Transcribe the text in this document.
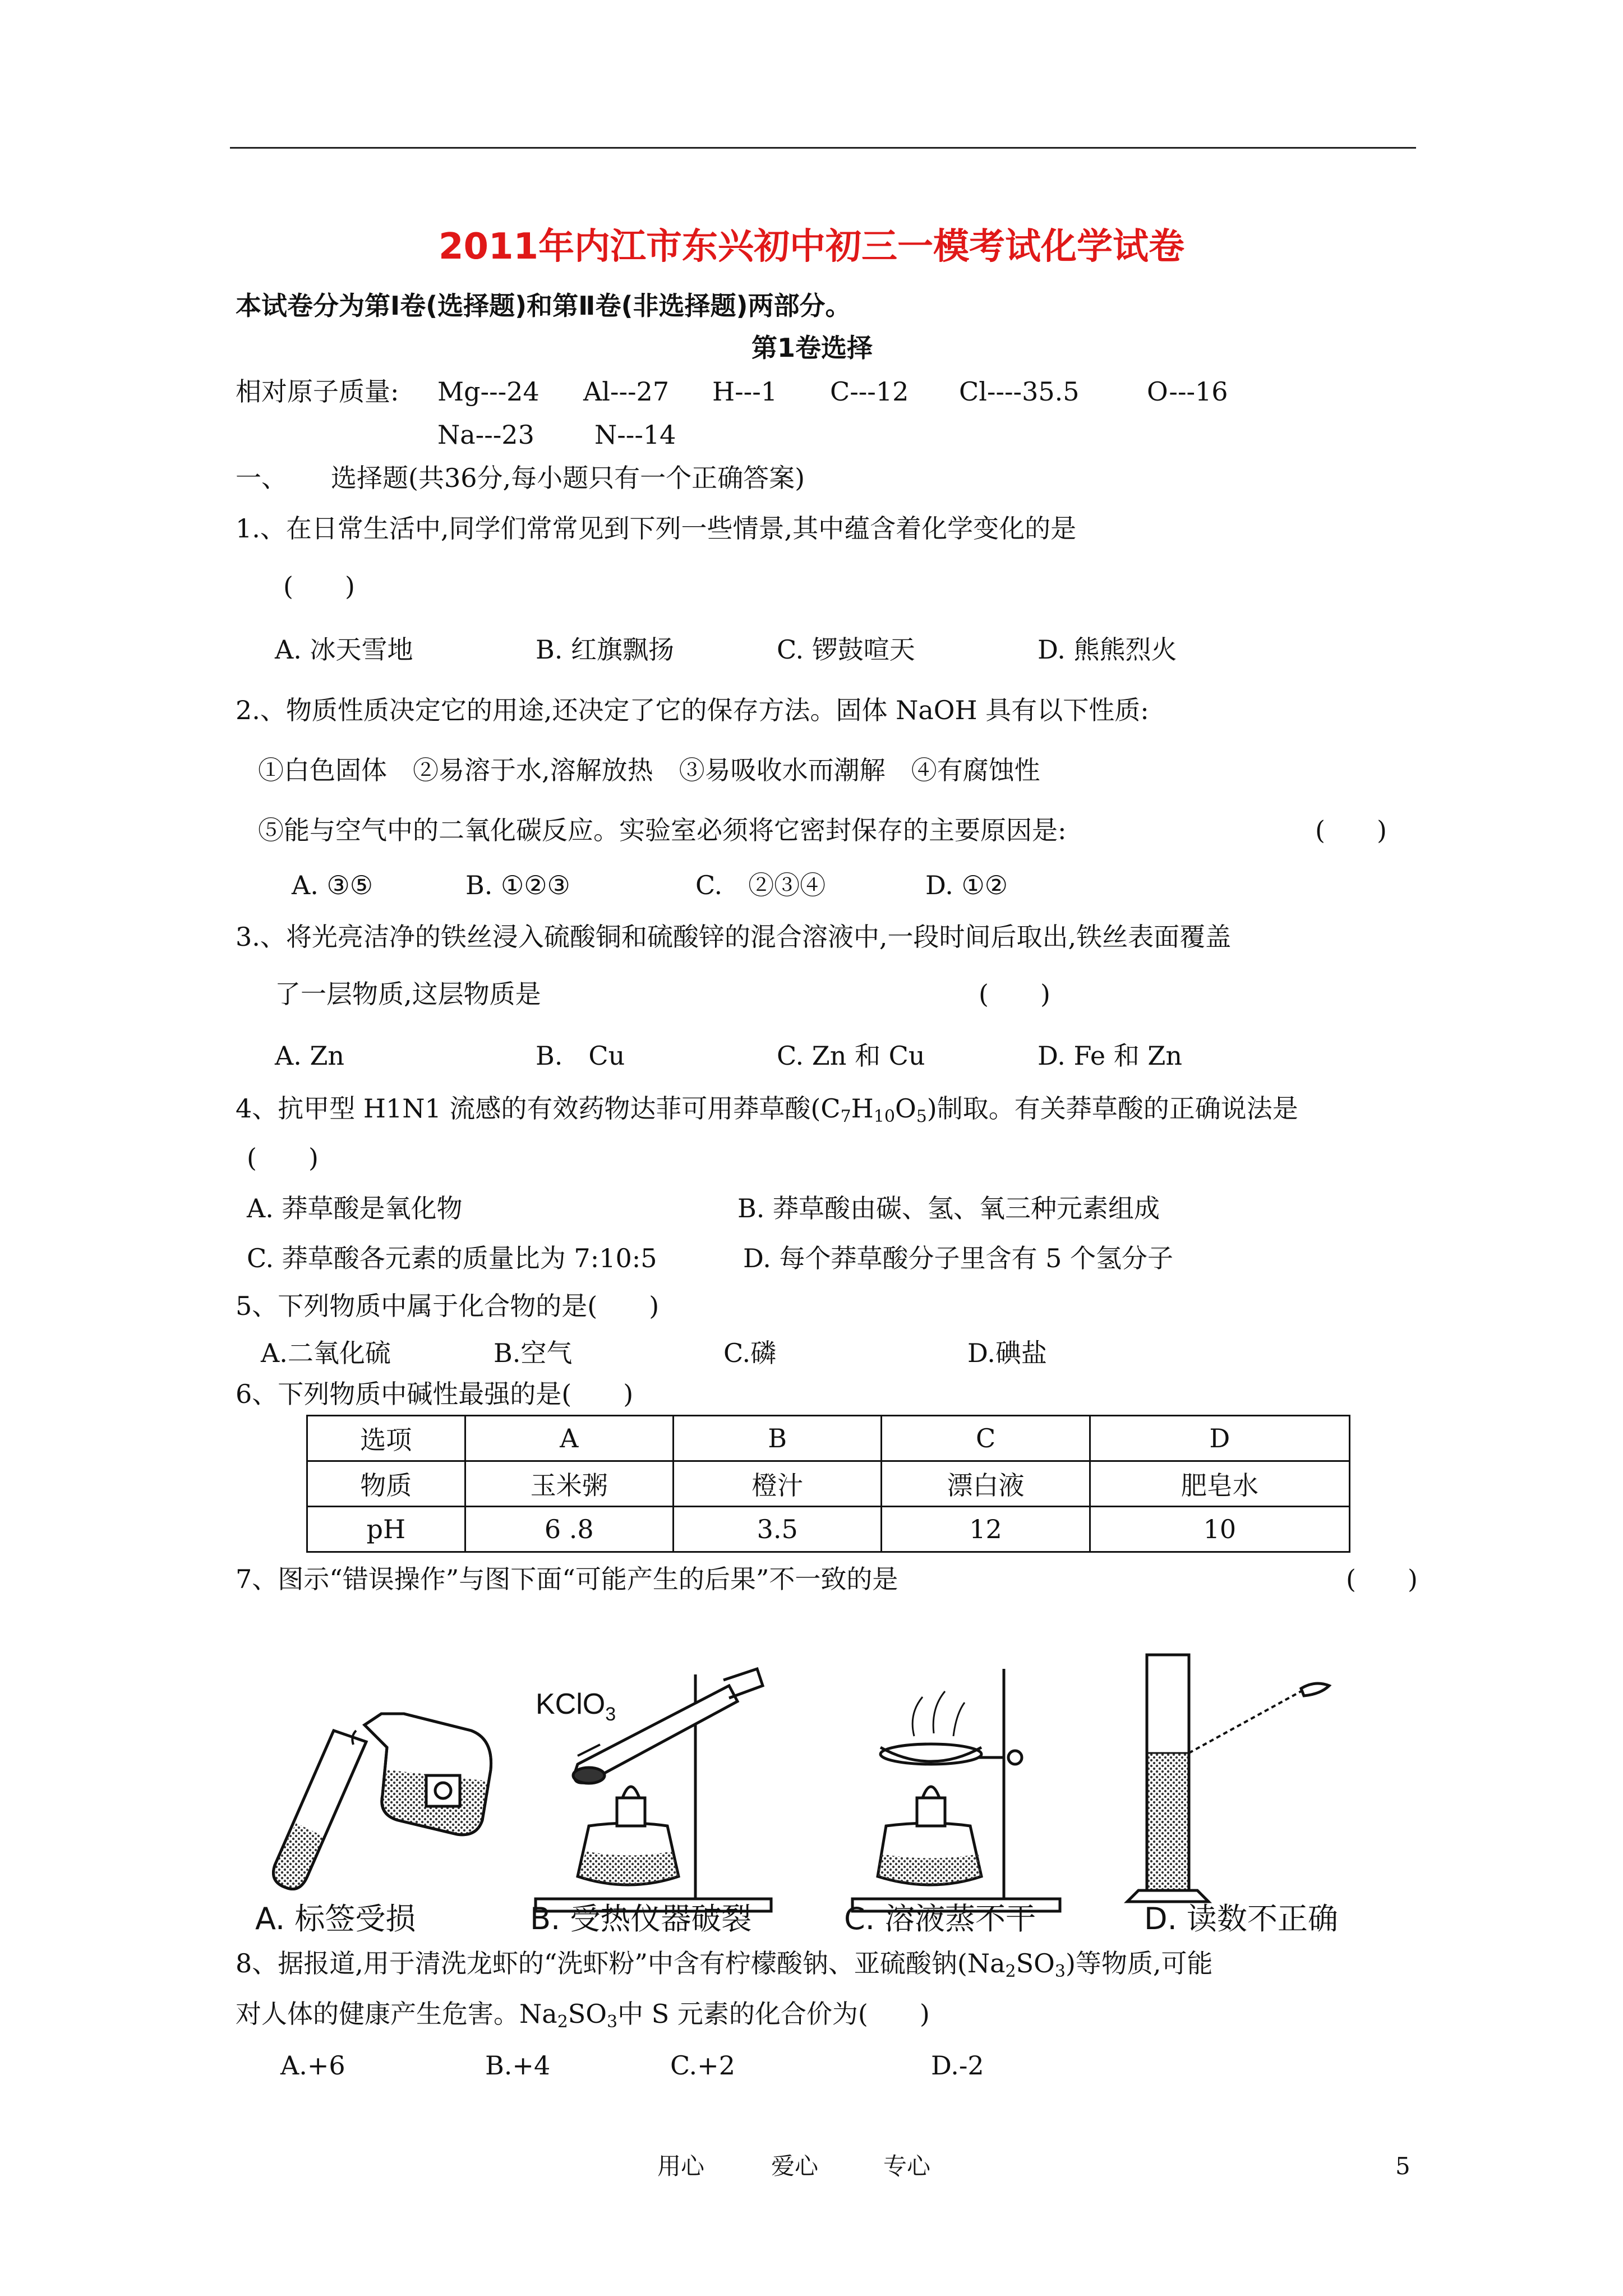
2011年内江市东兴初中初三一模考试化学试卷
本试卷分为第Ⅰ卷(选择题)和第Ⅱ卷(非选择题)两部分。
第1卷选择
相对原子质量: Mg---24 Al---27 H---1 C---12 Cl----35.5	O---16
Na---23 N---14
一、 选择题(共36分,每小题只有一个正确答案)
1.、在日常生活中,同学们常常见到下列一些情景,其中蕴含着化学变化的是
(　　)
A. 冰天雪地	B. 红旗飘扬	C. 锣鼓喧天	D. 熊熊烈火
2.、物质性质决定它的用途,还决定了它的保存方法。固体 NaOH 具有以下性质:
①白色固体　②易溶于水,溶解放热　③易吸收水而潮解　④有腐蚀性
⑤能与空气中的二氧化碳反应。实验室必须将它密封保存的主要原因是:	(　　)
A. ③⑤	B. ①②③	C.　②③④	D. ①②
3.、将光亮洁净的铁丝浸入硫酸铜和硫酸锌的混合溶液中,一段时间后取出,铁丝表面覆盖
了一层物质,这层物质是	(　　)
A. Zn	B.　Cu	C. Zn 和 Cu	D. Fe 和 Zn
4、抗甲型 H1N1 流感的有效药物达菲可用莽草酸$(C_7H_{10}O_5)$制取。有关莽草酸的正确说法是
(　　)
A. 莽草酸是氧化物	B. 莽草酸由碳、氢、氧三种元素组成
C. 莽草酸各元素的质量比为 7:10:5	D. 每个莽草酸分子里含有 5 个氢分子
5、下列物质中属于化合物的是(　　)
A.二氧化硫	B.空气	C.磷	D.碘盐
6、下列物质中碱性最强的是(　　)
选项	A	B	C	D
物质	玉米粥	橙汁	漂白液	肥皂水
pH	6 .8	3.5	12	10
7、图示“错误操作”与图下面“可能产生的后果”不一致的是	(　　)
KClO$_3$
A. 标签受损	B. 受热仪器破裂	C. 溶液蒸不干	D. 读数不正确
8、据报道,用于清洗龙虾的“洗虾粉”中含有柠檬酸钠、亚硫酸钠$(Na_2SO_3)$等物质,可能
对人体的健康产生危害。$Na_2SO_3$中 S 元素的化合价为(　　)
A.+6	B.+4	C.+2	D.-2
用心	爱心	专心	5
